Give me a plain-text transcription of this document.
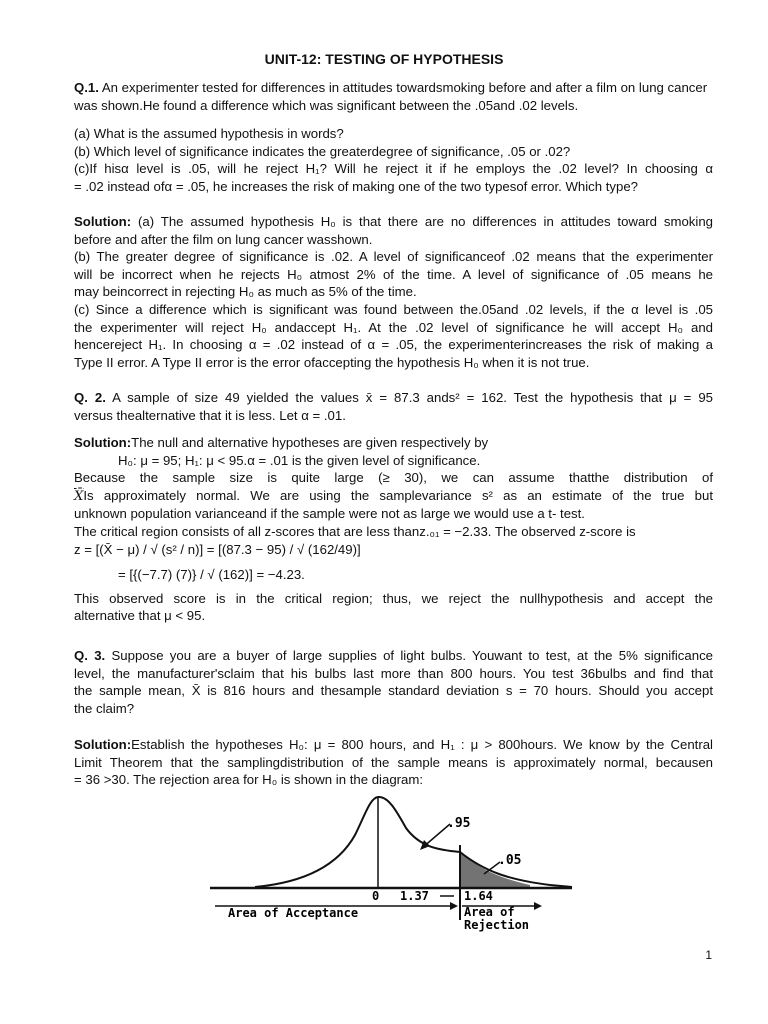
UNIT-12: TESTING OF HYPOTHESIS
Q.1. An experimenter tested for differences in attitudes towardsmoking before and after a film on lung cancer was shown.He found a difference which was significant between the .05and .02 levels.
(a) What is the assumed hypothesis in words?
(b) Which level of significance indicates the greaterdegree of significance, .05 or .02?
(c)If hisα level is .05, will he reject H₁? Will he reject it if he employs the .02 level? In choosing α
= .02 instead ofα = .05, he increases the risk of making one of the two typesof error. Which type?
Solution: (a) The assumed hypothesis H₀ is that there are no differences in attitudes toward smoking
before and after the film on lung cancer wasshown.
(b) The greater degree of significance is .02. A level of significanceof .02 means that the experimenter
will be incorrect when he rejects H₀ atmost 2% of the time. A level of significance of .05 means he
may beincorrect in rejecting H₀ as much as 5% of the time.
(c) Since a difference which is significant was found between the.05and .02 levels, if the α level is .05
the experimenter will reject H₀ andaccept H₁. At the .02 level of significance he will accept H₀ and
hencereject H₁. In choosing α = .02 instead of α = .05, the experimenterincreases the risk of making a
Type II error. A Type II error is the error ofaccepting the hypothesis H₀ when it is not true.
Q. 2. A sample of size 49 yielded the values x̄ = 87.3 ands² = 162. Test the hypothesis that μ = 95
versus thealternative that it is less. Let α = .01.
Solution:The null and alternative hypotheses are given respectively by
H₀: μ = 95; H₁: μ < 95.α = .01 is the given level of significance.
Because the sample size is quite large (≥ 30), we can assume thatthe distribution of
X̄Is approximately normal. We are using the samplevariance s² as an estimate of the true but
unknown population varianceand if the sample were not as large we would use a t- test.
The critical region consists of all z-scores that are less thanz.₀₁ = −2.33. The observed z-score is
z = [(X̄ − μ) / √ (s² / n)] = [(87.3 − 95) / √ (162/49)]
= [{(−7.7) (7)} / √ (162)] = −4.23.
This observed score is in the critical region; thus, we reject the nullhypothesis and accept the
alternative that μ < 95.
Q. 3. Suppose you are a buyer of large supplies of light bulbs. Youwant to test, at the 5% significance
level, the manufacturer'sclaim that his bulbs last more than 800 hours. You test 36bulbs and find that
the sample mean, X̄ is 816 hours and thesample standard deviation s = 70 hours. Should you accept
the claim?
Solution:Establish the hypotheses H₀: μ = 800 hours, and H₁ : μ > 800hours. We know by the Central
Limit Theorem that the samplingdistribution of the sample means is approximately normal, becausen
= 36 >30. The rejection area for H₀ is shown in the diagram:
.95
.05
0 1.37	1.64
Area of Acceptance	Area of
Rejection
1
